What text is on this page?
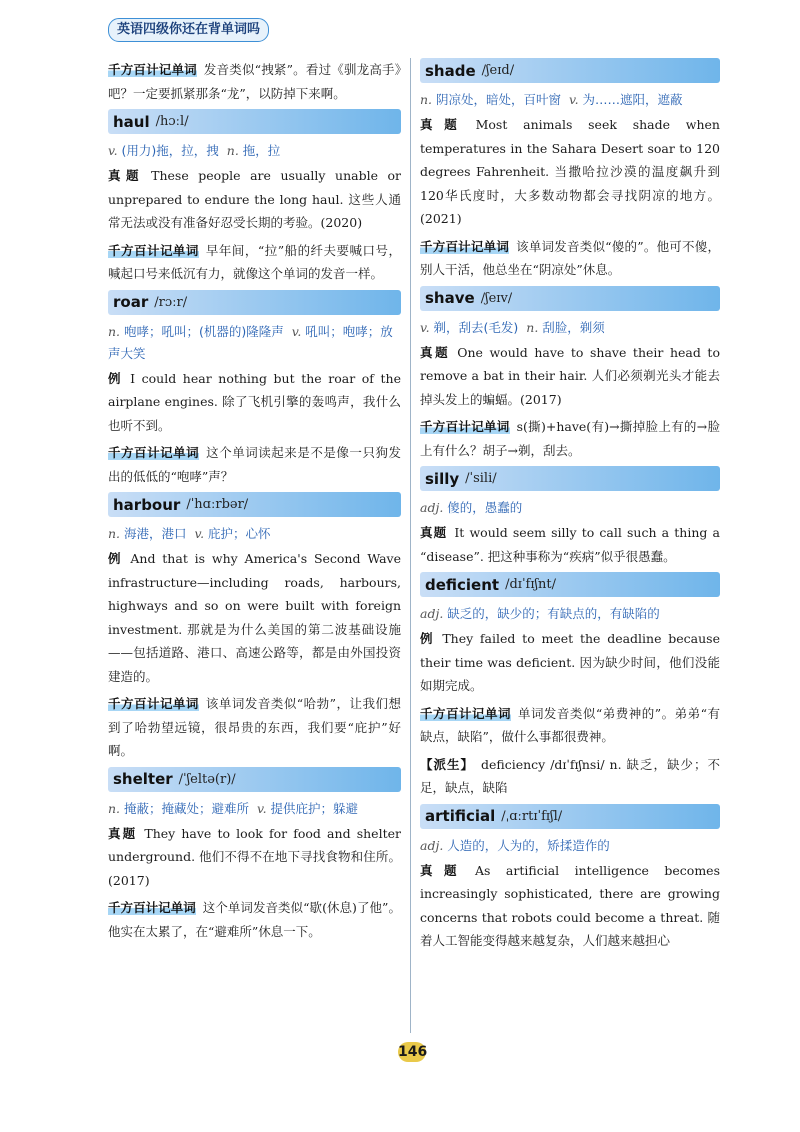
英语四级你还在背单词吗

千方百计记单词 发音类似“拽紧”。看过《驯龙高手》吧？一定要抓紧那条“龙”，以防掉下来啊。

haul /hɔːl/
v. (用力)拖，拉，拽 n. 拖，拉

真题 These people are usually unable or unprepared to endure the long haul. 这些人通常无法或没有准备好忍受长期的考验。(2020)

千方百计记单词 早年间，“拉”船的纤夫要喊口号，喊起口号来低沉有力，就像这个单词的发音一样。

roar /rɔːr/
n. 咆哮；吼叫；(机器的)隆隆声 v. 吼叫；咆哮；放声大笑

例 I could hear nothing but the roar of the airplane engines. 除了飞机引擎的轰鸣声，我什么也听不到。

千方百计记单词 这个单词读起来是不是像一只狗发出的低低的“咆哮”声？

harbour /ˈhɑːrbər/
n. 海港，港口 v. 庇护；心怀

例 And that is why America's Second Wave infrastructure—including roads, harbours, highways and so on were built with foreign investment. 那就是为什么美国的第二波基础设施——包括道路、港口、高速公路等，都是由外国投资建造的。

千方百计记单词 该单词发音类似“哈勃”，让我们想到了哈勃望远镜，很昂贵的东西，我们要“庇护”好啊。

shelter /ˈʃeltə(r)/
n. 掩蔽；掩藏处；避难所 v. 提供庇护；躲避

真题 They have to look for food and shelter underground. 他们不得不在地下寻找食物和住所。(2017)

千方百计记单词 这个单词发音类似“歇(休息)了他”。他实在太累了，在“避难所”休息一下。

shade /ʃeɪd/
n. 阴凉处，暗处，百叶窗 v. 为……遮阳，遮蔽

真题 Most animals seek shade when temperatures in the Sahara Desert soar to 120 degrees Fahrenheit. 当撒哈拉沙漠的温度飙升到120华氏度时，大多数动物都会寻找阴凉的地方。(2021)

千方百计记单词 该单词发音类似“傻的”。他可不傻，别人干活，他总坐在“阴凉处”休息。

shave /ʃeɪv/
v. 剃，刮去(毛发) n. 刮脸，剃须

真题 One would have to shave their head to remove a bat in their hair. 人们必须剃光头才能去掉头发上的蝙蝠。(2017)

千方百计记单词 s(撕)+have(有)→撕掉脸上有的→脸上有什么？胡子→剃，刮去。

silly /ˈsili/
adj. 傻的，愚蠢的

真题 It would seem silly to call such a thing a “disease”. 把这种事称为“疾病”似乎很愚蠢。

deficient /dɪˈfɪʃnt/
adj. 缺乏的，缺少的；有缺点的，有缺陷的

例 They failed to meet the deadline because their time was deficient. 因为缺少时间，他们没能如期完成。

千方百计记单词 单词发音类似“弟费神的”。弟弟“有缺点，缺陷”，做什么事都很费神。

【派生】 deficiency /dɪˈfɪʃnsi/ n. 缺乏，缺少；不足，缺点，缺陷

artificial /ˌɑːrtɪˈfɪʃl/
adj. 人造的，人为的，矫揉造作的

真题 As artificial intelligence becomes increasingly sophisticated, there are growing concerns that robots could become a threat. 随着人工智能变得越来越复杂，人们越来越担心

146
